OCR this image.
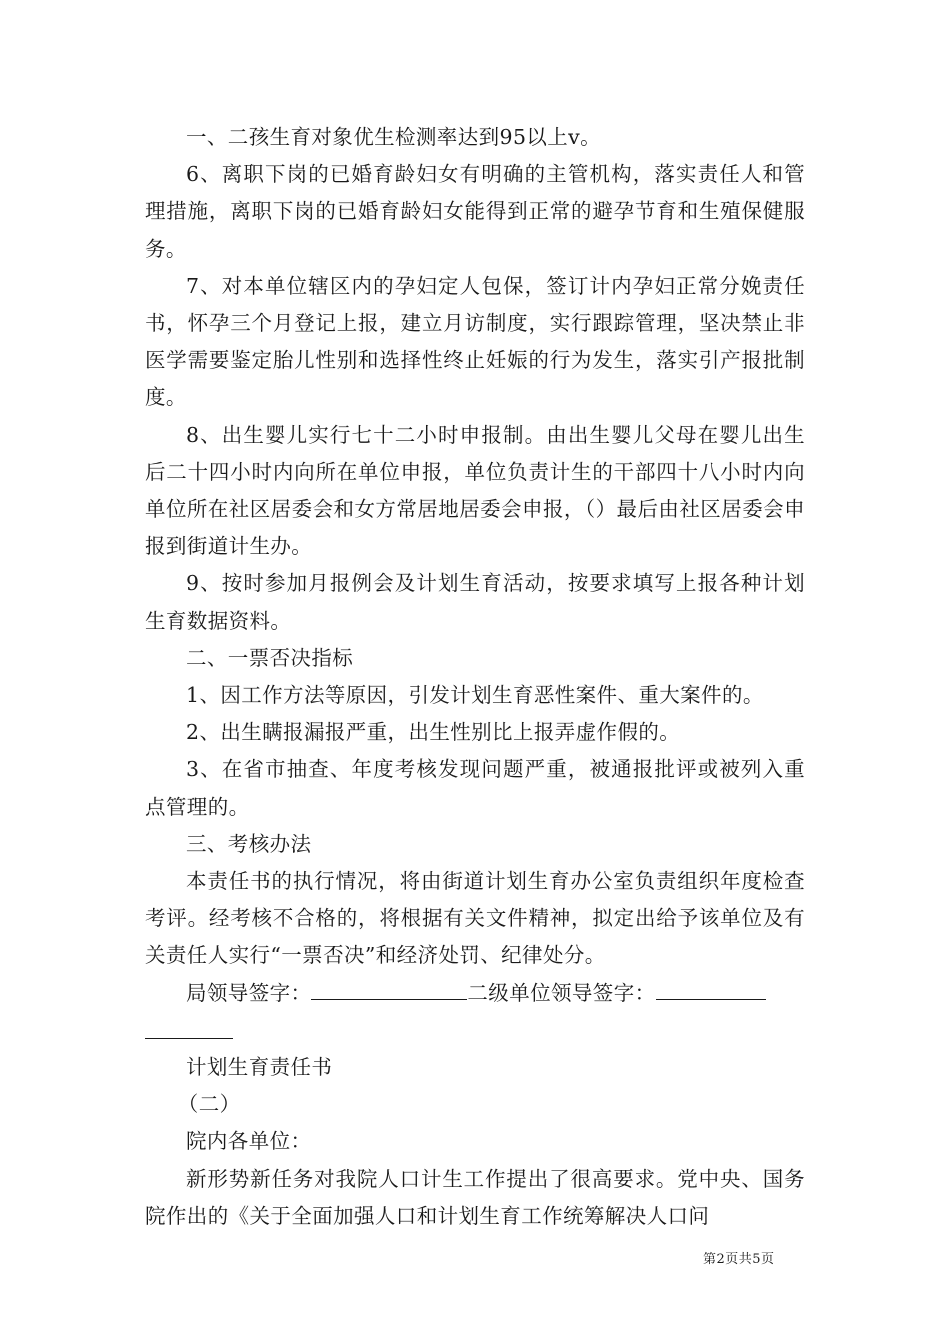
一、二孩生育对象优生检测率达到95以上v。

6、离职下岗的已婚育龄妇女有明确的主管机构，落实责任人和管理措施，离职下岗的已婚育龄妇女能得到正常的避孕节育和生殖保健服务。

7、对本单位辖区内的孕妇定人包保，签订计内孕妇正常分娩责任书，怀孕三个月登记上报，建立月访制度，实行跟踪管理，坚决禁止非医学需要鉴定胎儿性别和选择性终止妊娠的行为发生，落实引产报批制度。

8、出生婴儿实行七十二小时申报制。由出生婴儿父母在婴儿出生后二十四小时内向所在单位申报，单位负责计生的干部四十八小时内向单位所在社区居委会和女方常居地居委会申报，（）最后由社区居委会申报到街道计生办。

9、按时参加月报例会及计划生育活动，按要求填写上报各种计划生育数据资料。

二、一票否决指标

1、因工作方法等原因，引发计划生育恶性案件、重大案件的。

2、出生瞒报漏报严重，出生性别比上报弄虚作假的。

3、在省市抽查、年度考核发现问题严重，被通报批评或被列入重点管理的。

三、考核办法

本责任书的执行情况，将由街道计划生育办公室负责组织年度检查考评。经考核不合格的，将根据有关文件精神，拟定出给予该单位及有关责任人实行“一票否决”和经济处罚、纪律处分。

局领导签字：	二级单位领导签字：

计划生育责任书

（二）

院内各单位：

新形势新任务对我院人口计生工作提出了很高要求。党中央、国务院作出的《关于全面加强人口和计划生育工作统筹解决人口问

第2页共5页
